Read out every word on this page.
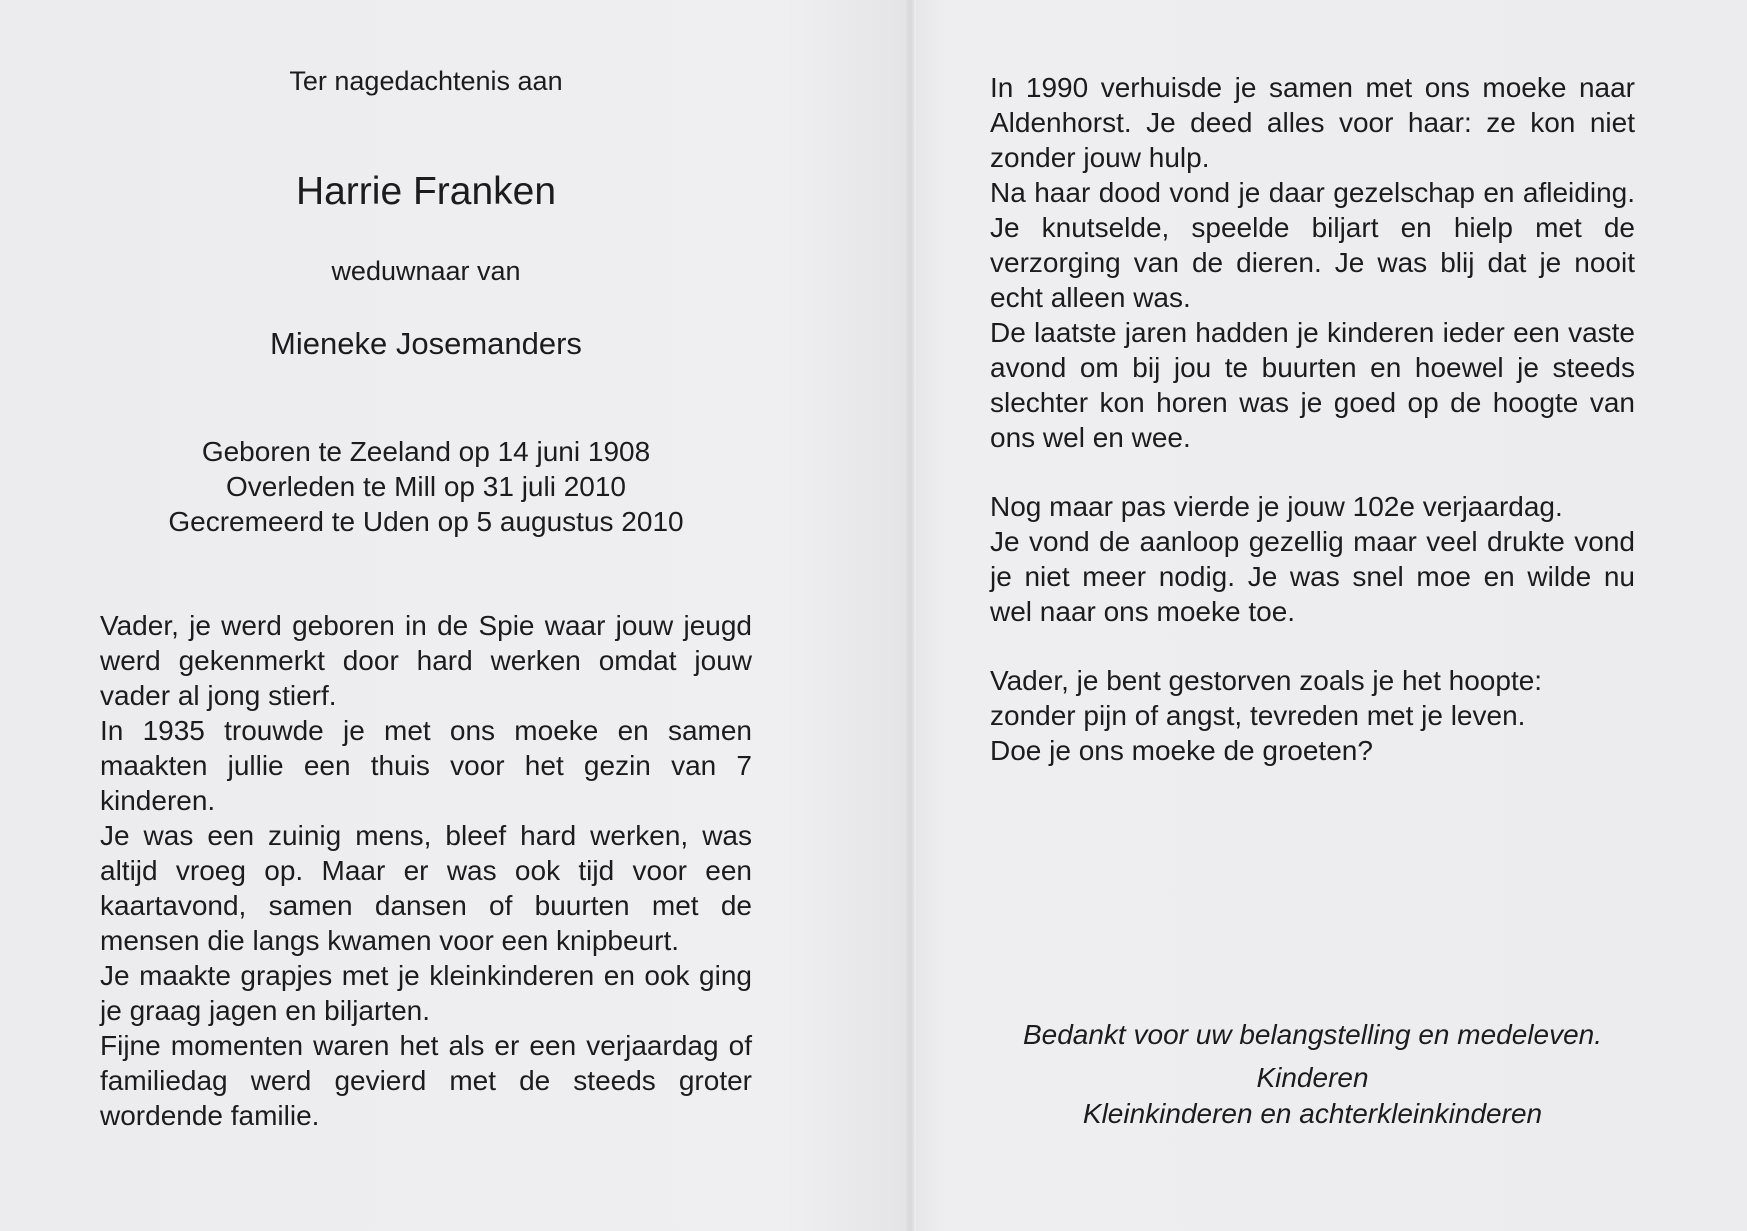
Ter nagedachtenis aan

Harrie Franken

weduwnaar van

Mieneke Josemanders

Geboren te Zeeland op 14 juni 1908
Overleden te Mill op 31 juli 2010
Gecremeerd te Uden op 5 augustus 2010

Vader, je werd geboren in de Spie waar jouw jeugd werd gekenmerkt door hard werken omdat jouw vader al jong stierf.

In 1935 trouwde je met ons moeke en samen maakten jullie een thuis voor het gezin van 7 kinderen.

Je was een zuinig mens, bleef hard werken, was altijd vroeg op. Maar er was ook tijd voor een kaartavond, samen dansen of buurten met de mensen die langs kwamen voor een knipbeurt.

Je maakte grapjes met je kleinkinderen en ook ging je graag jagen en biljarten.

Fijne momenten waren het als er een verjaardag of familiedag werd gevierd met de steeds groter wordende familie.

In 1990 verhuisde je samen met ons moeke naar Aldenhorst. Je deed alles voor haar: ze kon niet zonder jouw hulp.

Na haar dood vond je daar gezelschap en afleiding. Je knutselde, speelde biljart en hielp met de verzorging van de dieren. Je was blij dat je nooit echt alleen was.

De laatste jaren hadden je kinderen ieder een vaste avond om bij jou te buurten en hoewel je steeds slechter kon horen was je goed op de hoogte van ons wel en wee.

Nog maar pas vierde je jouw 102e verjaardag.

Je vond de aanloop gezellig maar veel drukte vond je niet meer nodig. Je was snel moe en wilde nu wel naar ons moeke toe.

Vader, je bent gestorven zoals je het hoopte:

zonder pijn of angst, tevreden met je leven.

Doe je ons moeke de groeten?

Bedankt voor uw belangstelling en medeleven.

Kinderen
Kleinkinderen en achterkleinkinderen
